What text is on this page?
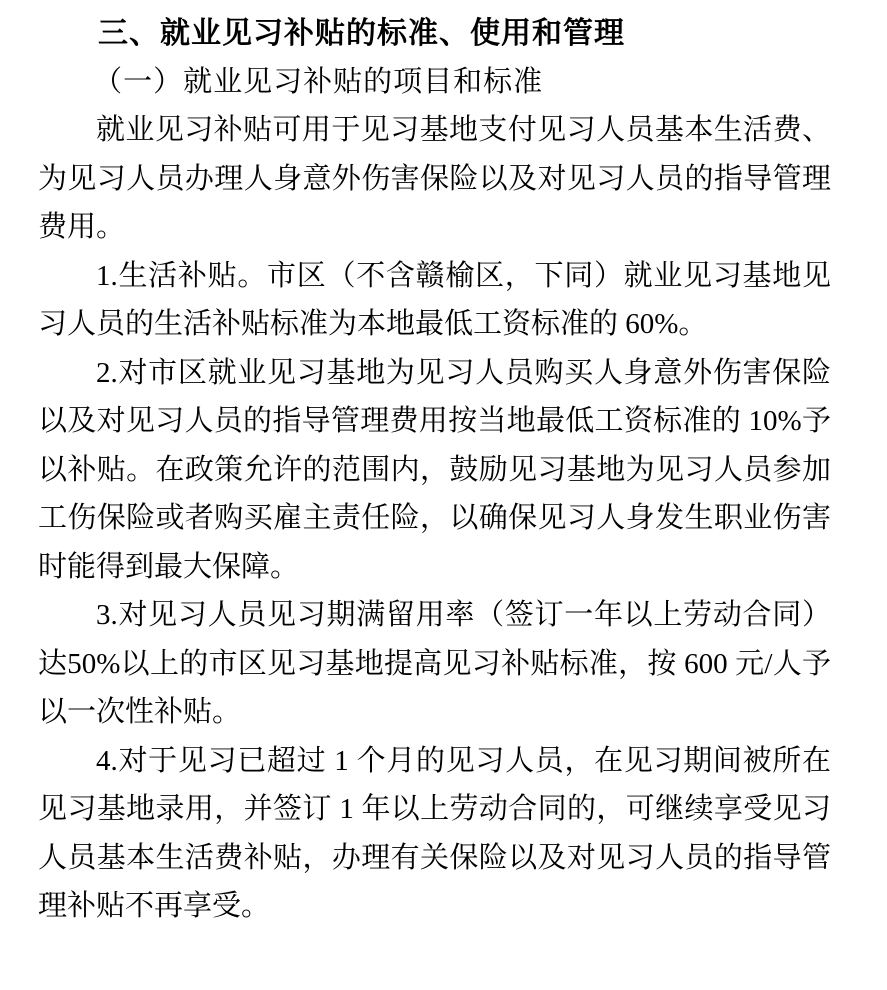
三、就业见习补贴的标准、使用和管理
（一）就业见习补贴的项目和标准

就业见习补贴可用于见习基地支付见习人员基本生活费、为见习人员办理人身意外伤害保险以及对见习人员的指导管理费用。

1.生活补贴。市区（不含赣榆区，下同）就业见习基地见习人员的生活补贴标准为本地最低工资标准的 60%。

2.对市区就业见习基地为见习人员购买人身意外伤害保险以及对见习人员的指导管理费用按当地最低工资标准的 10%予以补贴。在政策允许的范围内，鼓励见习基地为见习人员参加工伤保险或者购买雇主责任险，以确保见习人身发生职业伤害时能得到最大保障。

3.对见习人员见习期满留用率（签订一年以上劳动合同）达50%以上的市区见习基地提高见习补贴标准，按 600 元/人予以一次性补贴。

4.对于见习已超过 1 个月的见习人员，在见习期间被所在见习基地录用，并签订 1 年以上劳动合同的，可继续享受见习人员基本生活费补贴，办理有关保险以及对见习人员的指导管理补贴不再享受。
